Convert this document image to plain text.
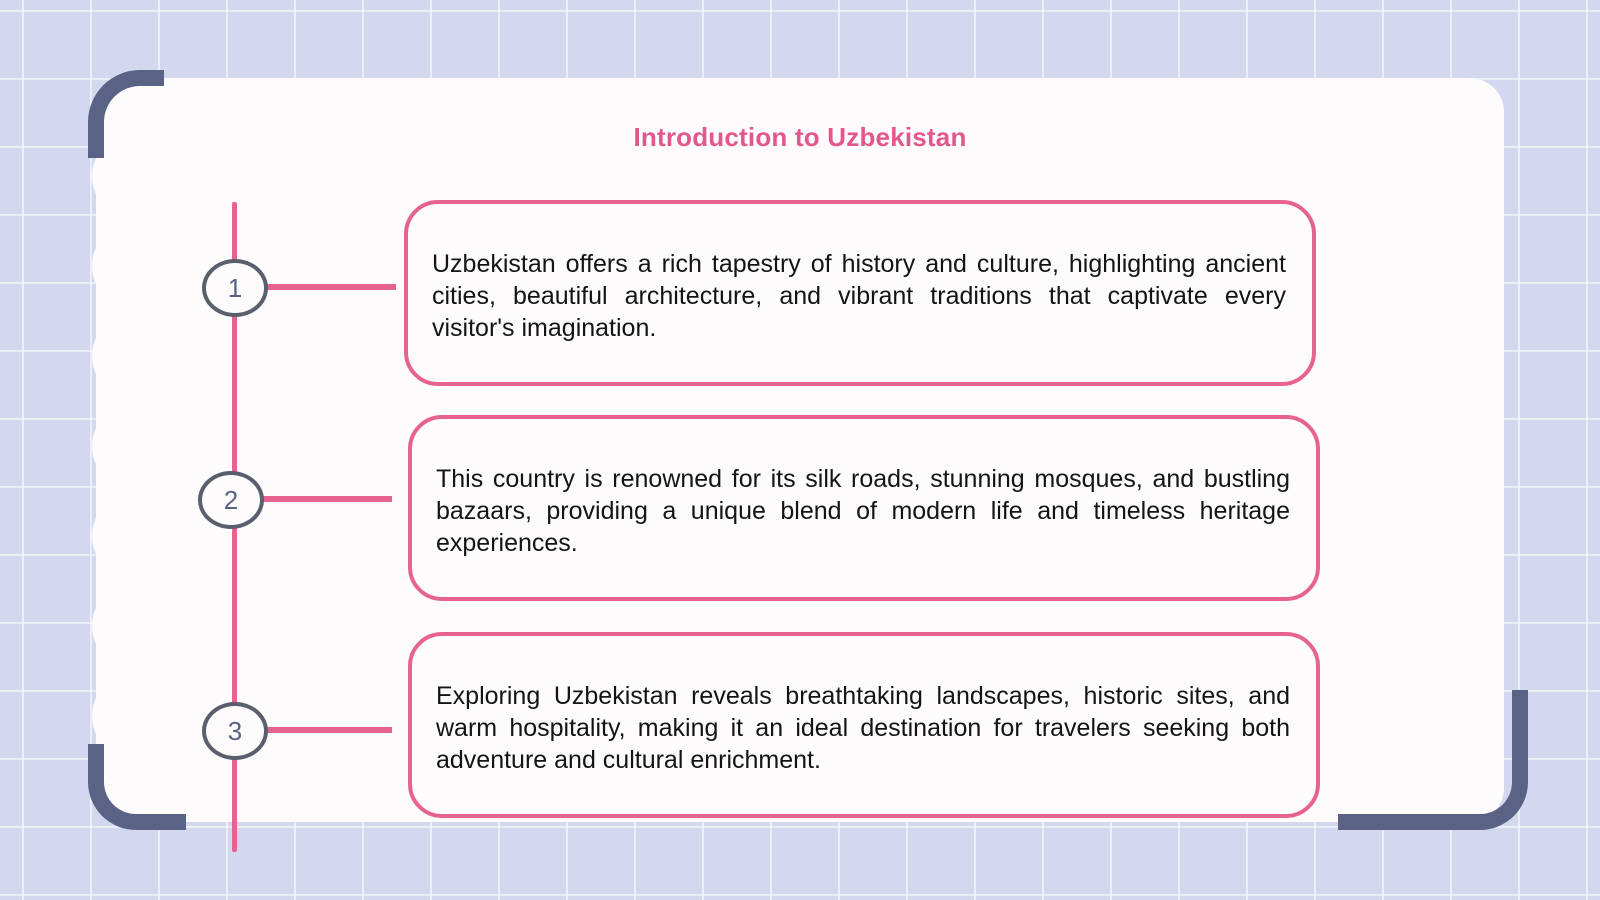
Introduction to Uzbekistan
1
2
3
Uzbekistan offers a rich tapestry of history and culture, highlighting ancient cities, beautiful architecture, and vibrant traditions that captivate every visitor's imagination.
This country is renowned for its silk roads, stunning mosques, and bustling bazaars, providing a unique blend of modern life and timeless heritage experiences.
Exploring Uzbekistan reveals breathtaking landscapes, historic sites, and warm hospitality, making it an ideal destination for travelers seeking both adventure and cultural enrichment.
